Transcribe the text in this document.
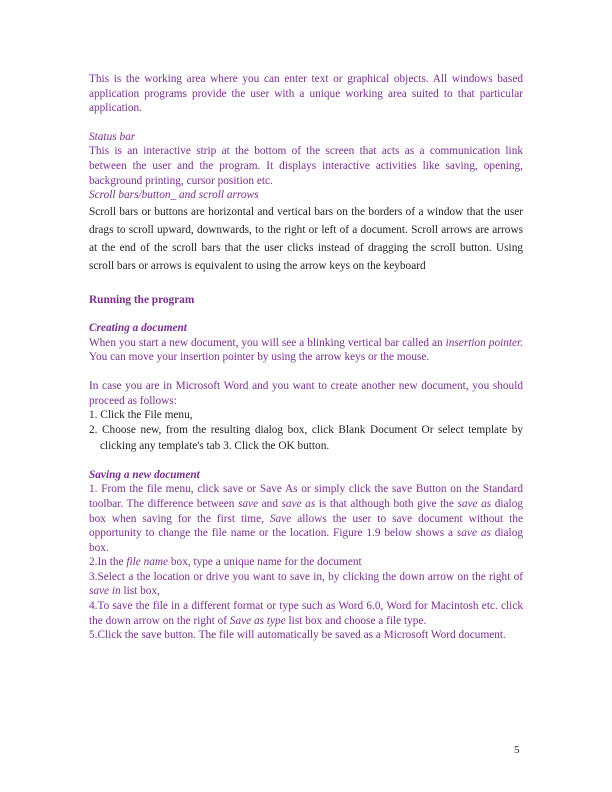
This is the working area where you can enter text or graphical objects. All windows based application programs provide the user with a unique working area suited to that particular application.

Status bar

This is an interactive strip at the bottom of the screen that acts as a communication link between the user and the program. It displays interactive activities like saving, opening, background printing, cursor position etc.

Scroll bars/button_ and scroll arrows

Scroll bars or buttons are horizontal and vertical bars on the borders of a window that the user drags to scroll upward, downwards, to the right or left of a document. Scroll arrows are arrows at the end of the scroll bars that the user clicks instead of dragging the scroll button. Using scroll bars or arrows is equivalent to using the arrow keys on the keyboard

Running the program

Creating a document

When you start a new document, you will see a blinking vertical bar called an insertion pointer. You can move your insertion pointer by using the arrow keys or the mouse.

In case you are in Microsoft Word and you want to create another new document, you should proceed as follows:

1. Click the File menu,

2. Choose new, from the resulting dialog box, click Blank Document Or select template by clicking any template's tab 3. Click the OK button.

Saving a new document

1. From the file menu, click save or Save As or simply click the save Button on the Standard toolbar. The difference between save and save as is that although both give the save as dialog box when saving for the first time, Save allows the user to save document without the opportunity to change the file name or the location. Figure 1.9 below shows a save as dialog box.

2.In the file name box, type a unique name for the document

3.Select a the location or drive you want to save in, by clicking the down arrow on the right of save in list box,

4.To save the file in a different format or type such as Word 6.0, Word for Macintosh etc. click the down arrow on the right of Save as type list box and choose a file type.

5.Click the save button. The file will automatically be saved as a Microsoft Word document.

5
